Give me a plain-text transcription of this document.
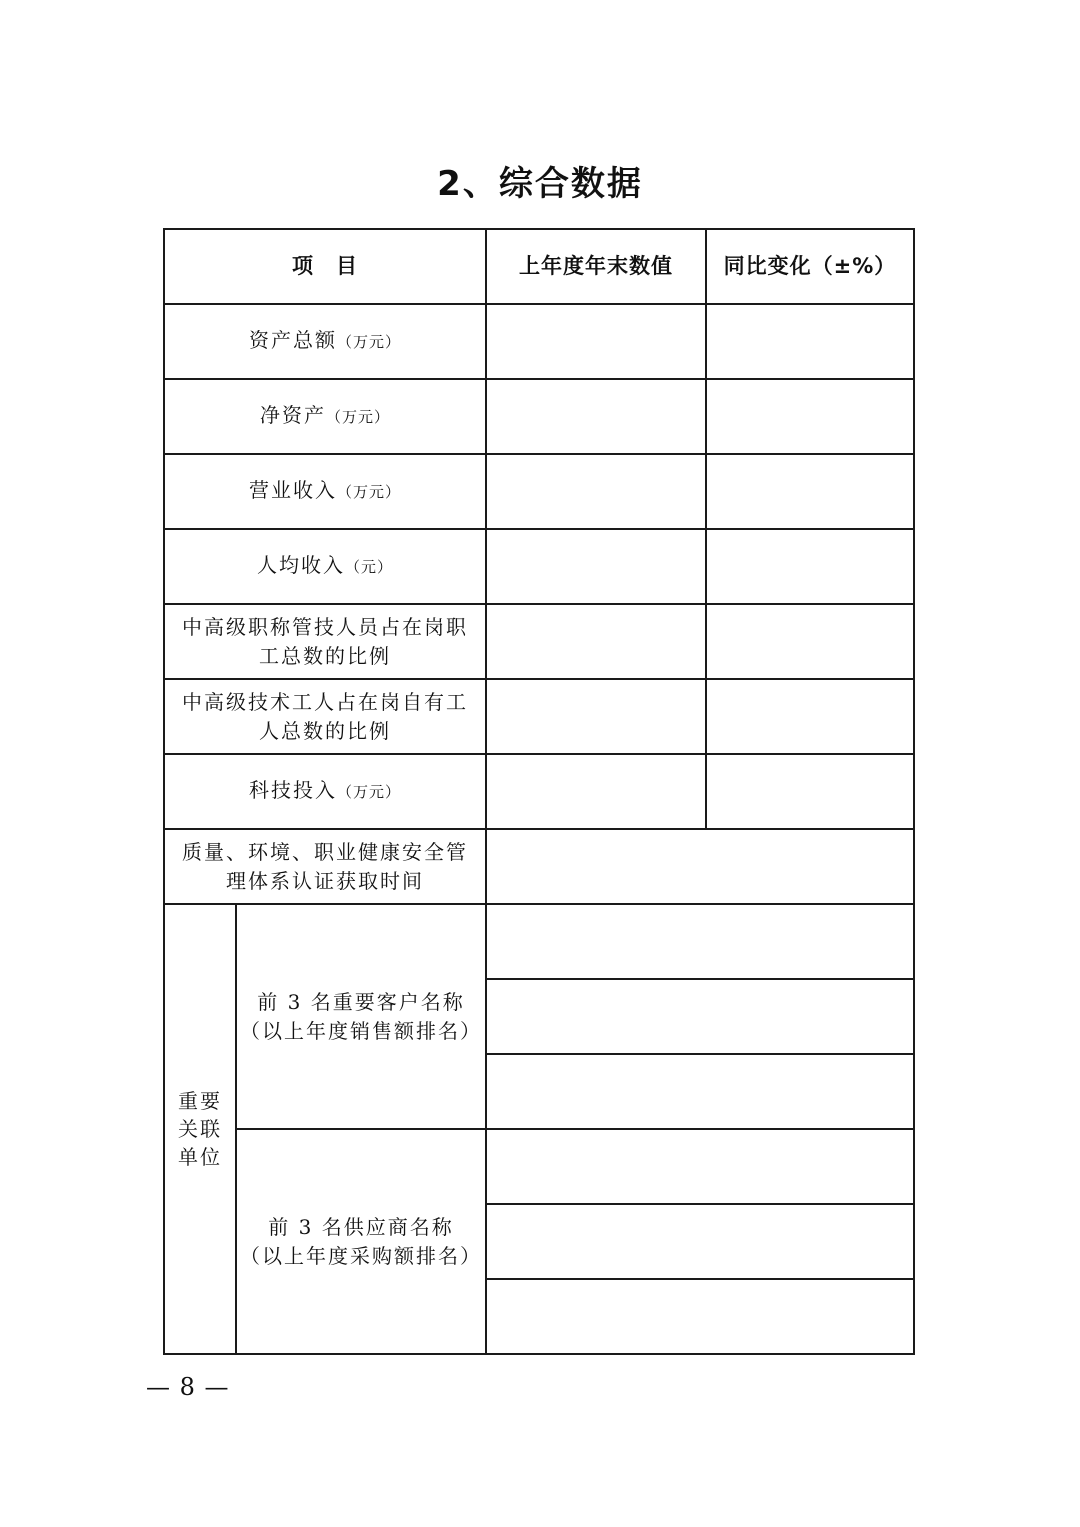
2、综合数据
项　目		上年度年末数值	同比变化（±%）
资产总额（万元）			
净资产（万元）			
营业收入（万元）			
人均收入（元）			
中高级职称管技人员占在岗职工总数的比例			
中高级技术工人占在岗自有工人总数的比例			
科技投入（万元）			
质量、环境、职业健康安全管理体系认证获取时间			
重要关联单位	前 3 名重要客户名称
（以上年度销售额排名）		

	前 3 名供应商名称
（以上年度采购额排名）		

— 8 —
